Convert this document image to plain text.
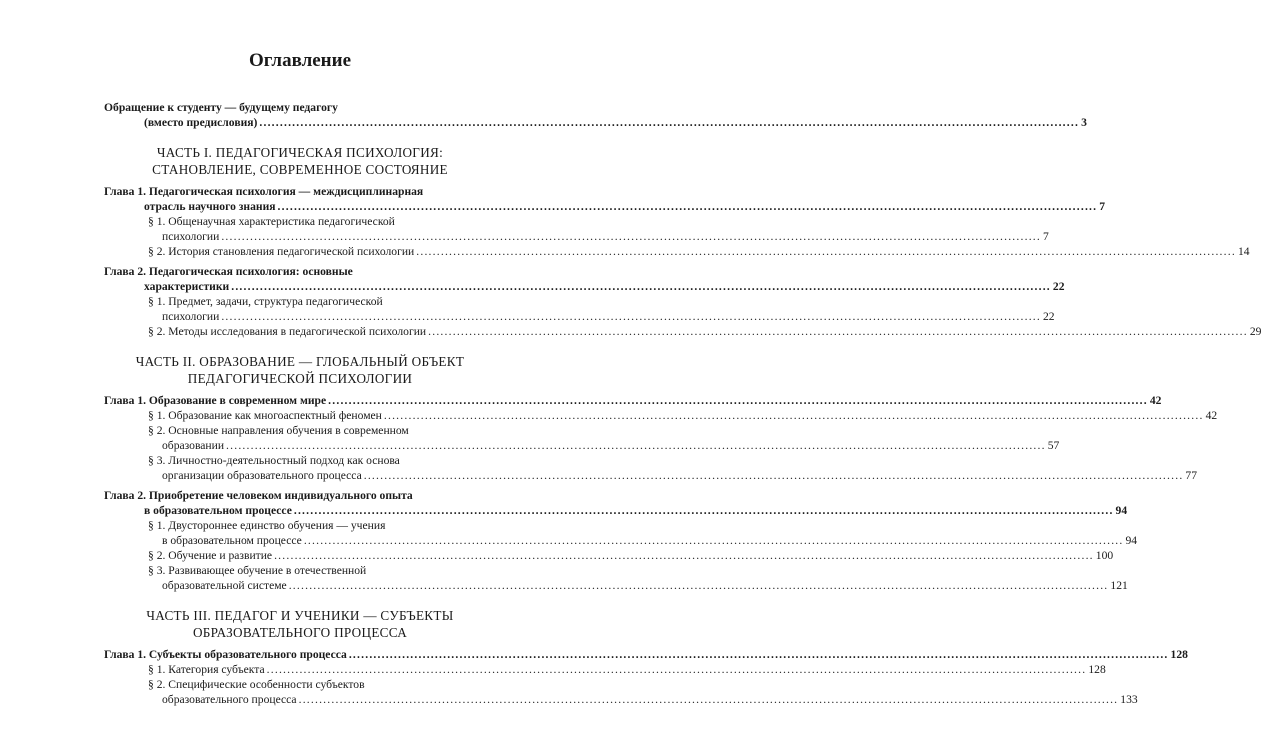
Оглавление
Обращение к студенту — будущему педагогу
(вместо предисловия) ........................................................................................................................................................................................................ 3
ЧАСТЬ I. ПЕДАГОГИЧЕСКАЯ ПСИХОЛОГИЯ:
СТАНОВЛЕНИЕ, СОВРЕМЕННОЕ СОСТОЯНИЕ
Глава 1. Педагогическая психология — междисциплинарная
отрасль научного знания ........................................................................................................................................................................................................ 7
§ 1. Общенаучная характеристика педагогической
психологии ........................................................................................................................................................................................................ 7
§ 2. История становления педагогической психологии ........................................................................................................................................................................................................ 14
Глава 2. Педагогическая психология: основные
характеристики ........................................................................................................................................................................................................ 22
§ 1. Предмет, задачи, структура педагогической
психологии ........................................................................................................................................................................................................ 22
§ 2. Методы исследования в педагогической психологии ........................................................................................................................................................................................................ 29
ЧАСТЬ II. ОБРАЗОВАНИЕ — ГЛОБАЛЬНЫЙ ОБЪЕКТ
ПЕДАГОГИЧЕСКОЙ ПСИХОЛОГИИ
Глава 1. Образование в современном мире ........................................................................................................................................................................................................ 42
§ 1. Образование как многоаспектный феномен ........................................................................................................................................................................................................ 42
§ 2. Основные направления обучения в современном
образовании ........................................................................................................................................................................................................ 57
§ 3. Личностно-деятельностный подход как основа
организации образовательного процесса ........................................................................................................................................................................................................ 77
Глава 2. Приобретение человеком индивидуального опыта
в образовательном процессе ........................................................................................................................................................................................................ 94
§ 1. Двустороннее единство обучения — учения
в образовательном процессе ........................................................................................................................................................................................................ 94
§ 2. Обучение и развитие ........................................................................................................................................................................................................ 100
§ 3. Развивающее обучение в отечественной
образовательной системе ........................................................................................................................................................................................................ 121
ЧАСТЬ III. ПЕДАГОГ И УЧЕНИКИ — СУБЪЕКТЫ
ОБРАЗОВАТЕЛЬНОГО ПРОЦЕССА
Глава 1. Субъекты образовательного процесса ........................................................................................................................................................................................................ 128
§ 1. Категория субъекта ........................................................................................................................................................................................................ 128
§ 2. Специфические особенности субъектов
образовательного процесса ........................................................................................................................................................................................................ 133
